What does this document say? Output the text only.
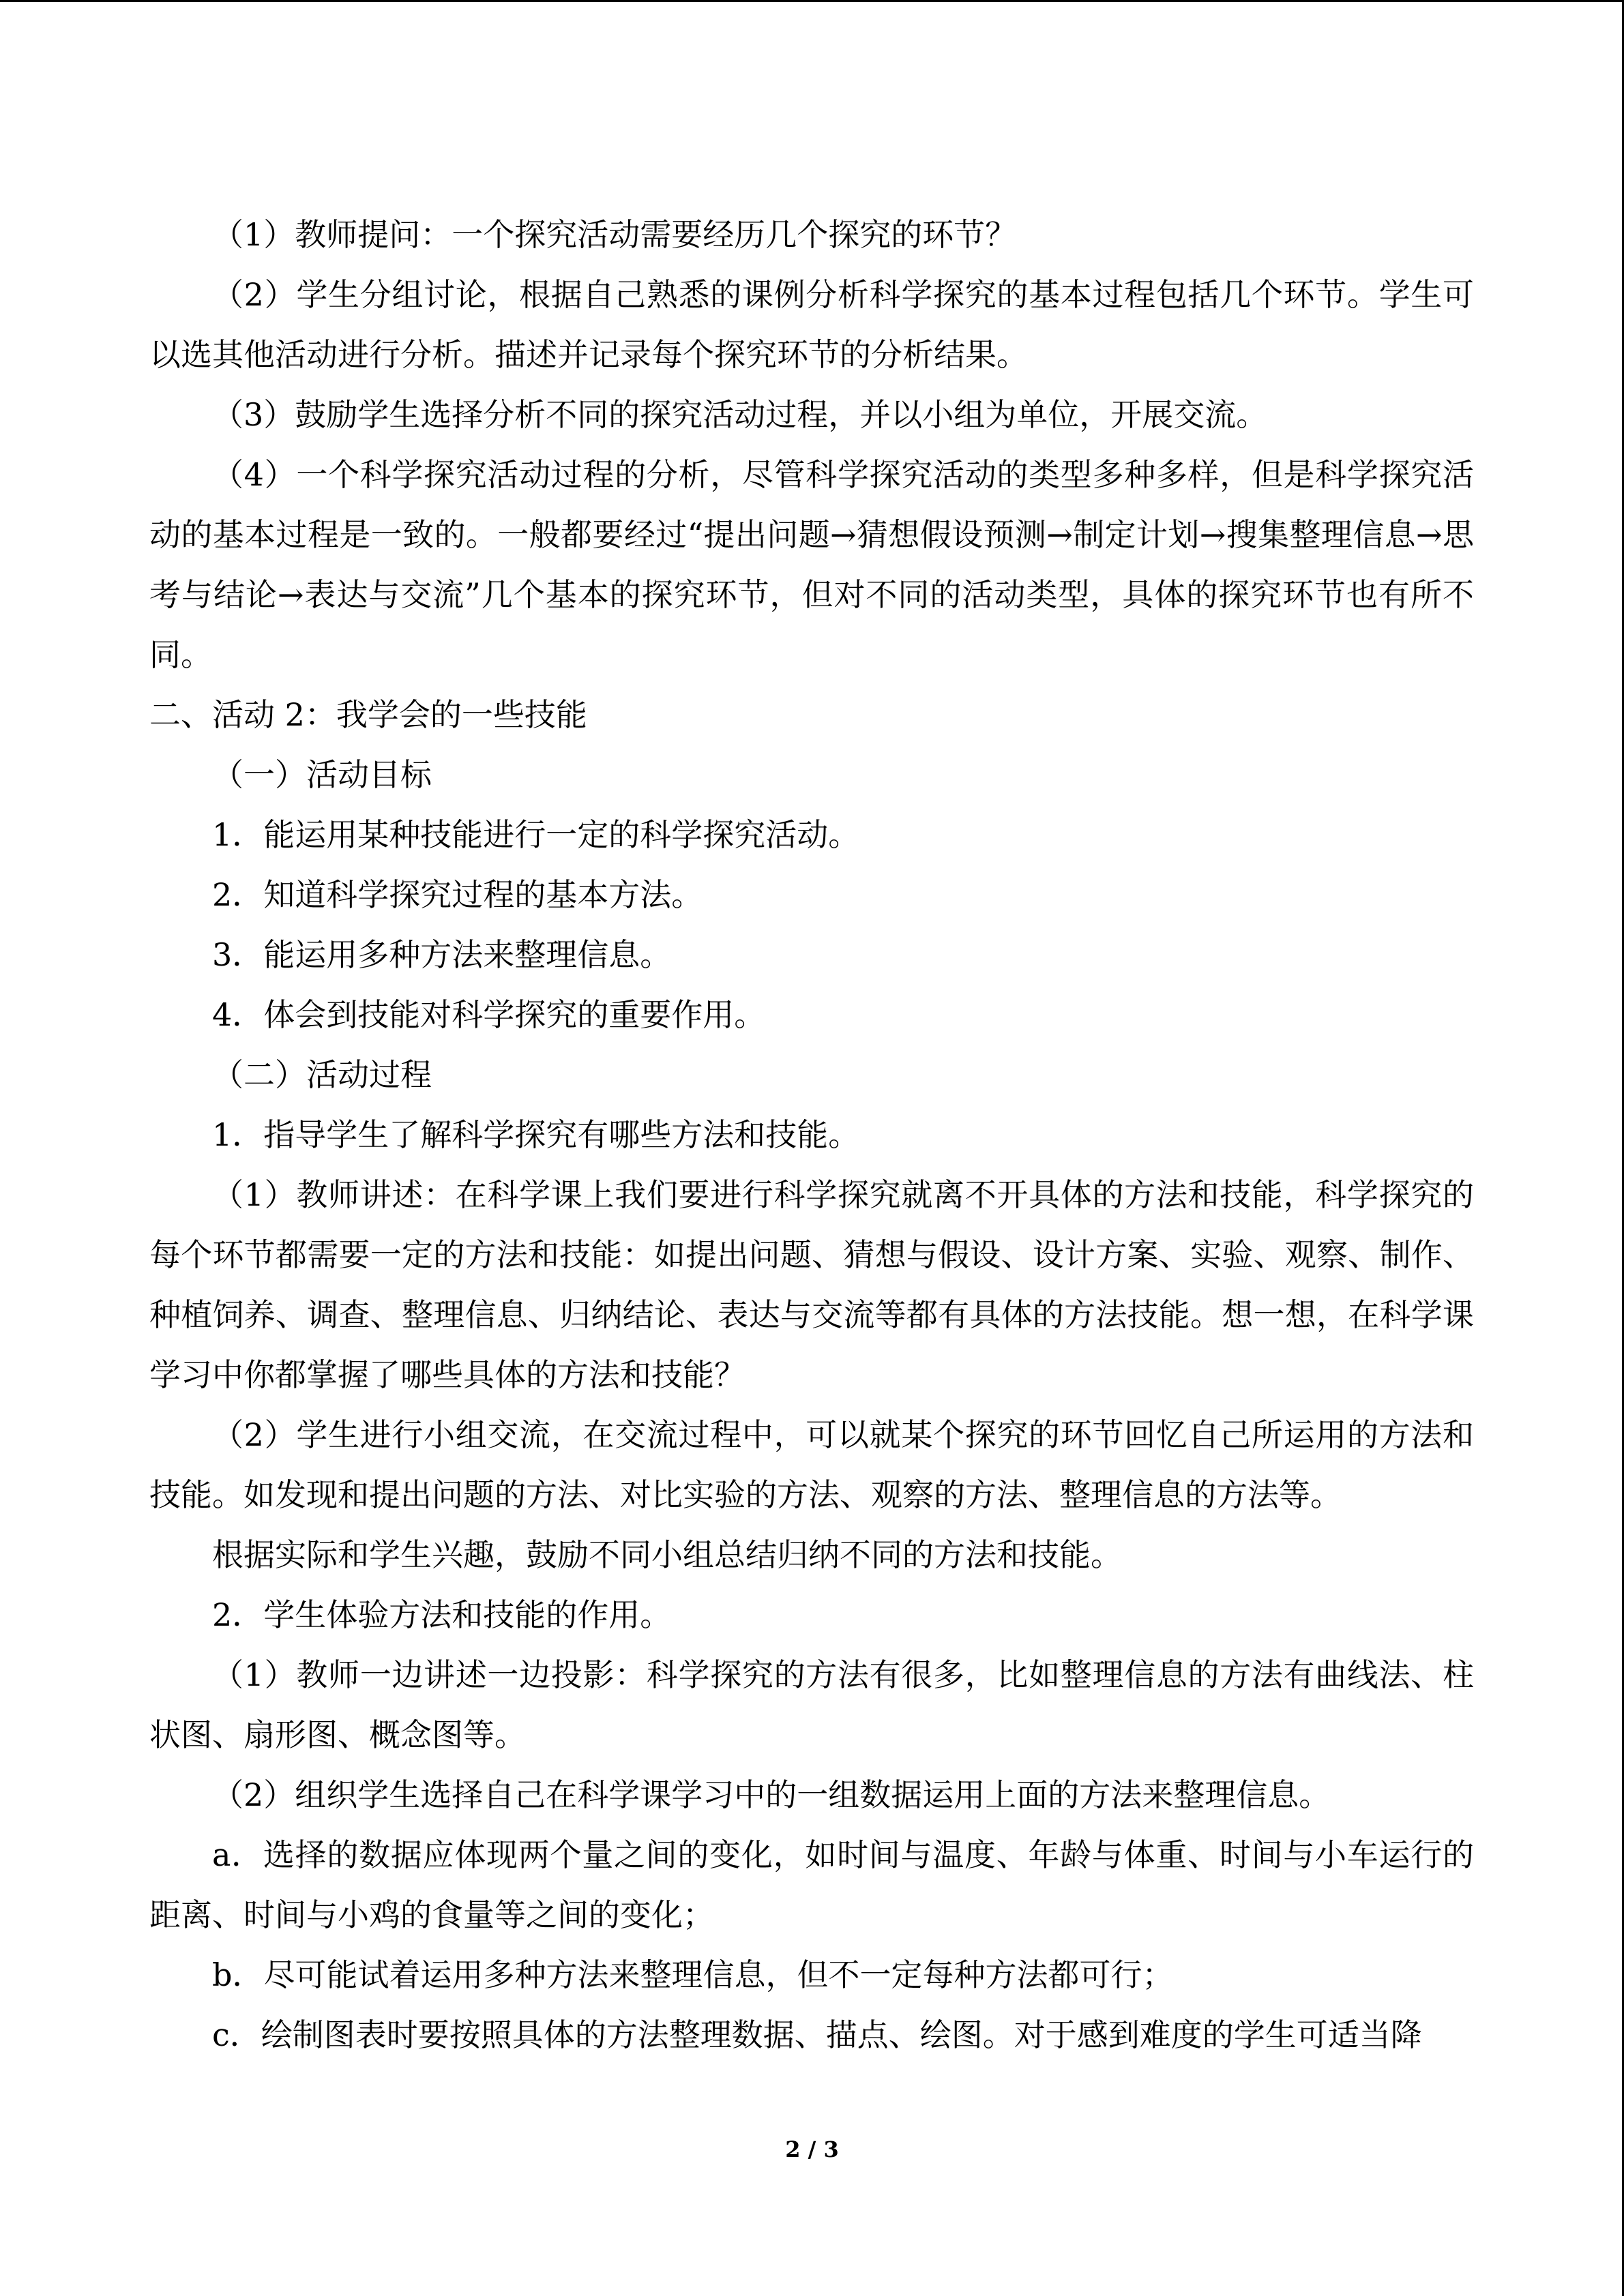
（1）教师提问：一个探究活动需要经历几个探究的环节？

（2）学生分组讨论，根据自己熟悉的课例分析科学探究的基本过程包括几个环节。学生可以选其他活动进行分析。描述并记录每个探究环节的分析结果。

（3）鼓励学生选择分析不同的探究活动过程，并以小组为单位，开展交流。

（4）一个科学探究活动过程的分析，尽管科学探究活动的类型多种多样，但是科学探究活动的基本过程是一致的。一般都要经过“提出问题→猜想假设预测→制定计划→搜集整理信息→思考与结论→表达与交流”几个基本的探究环节，但对不同的活动类型，具体的探究环节也有所不同。

二、活动 2：我学会的一些技能

（一）活动目标

1．能运用某种技能进行一定的科学探究活动。

2．知道科学探究过程的基本方法。

3．能运用多种方法来整理信息。

4．体会到技能对科学探究的重要作用。

（二）活动过程

1．指导学生了解科学探究有哪些方法和技能。

（1）教师讲述：在科学课上我们要进行科学探究就离不开具体的方法和技能，科学探究的每个环节都需要一定的方法和技能：如提出问题、猜想与假设、设计方案、实验、观察、制作、种植饲养、调查、整理信息、归纳结论、表达与交流等都有具体的方法技能。想一想，在科学课学习中你都掌握了哪些具体的方法和技能？

（2）学生进行小组交流，在交流过程中，可以就某个探究的环节回忆自己所运用的方法和技能。如发现和提出问题的方法、对比实验的方法、观察的方法、整理信息的方法等。

根据实际和学生兴趣，鼓励不同小组总结归纳不同的方法和技能。

2．学生体验方法和技能的作用。

（1）教师一边讲述一边投影：科学探究的方法有很多，比如整理信息的方法有曲线法、柱状图、扇形图、概念图等。

（2）组织学生选择自己在科学课学习中的一组数据运用上面的方法来整理信息。

a．选择的数据应体现两个量之间的变化，如时间与温度、年龄与体重、时间与小车运行的距离、时间与小鸡的食量等之间的变化；

b．尽可能试着运用多种方法来整理信息，但不一定每种方法都可行；

c．绘制图表时要按照具体的方法整理数据、描点、绘图。对于感到难度的学生可适当降

2 / 3
